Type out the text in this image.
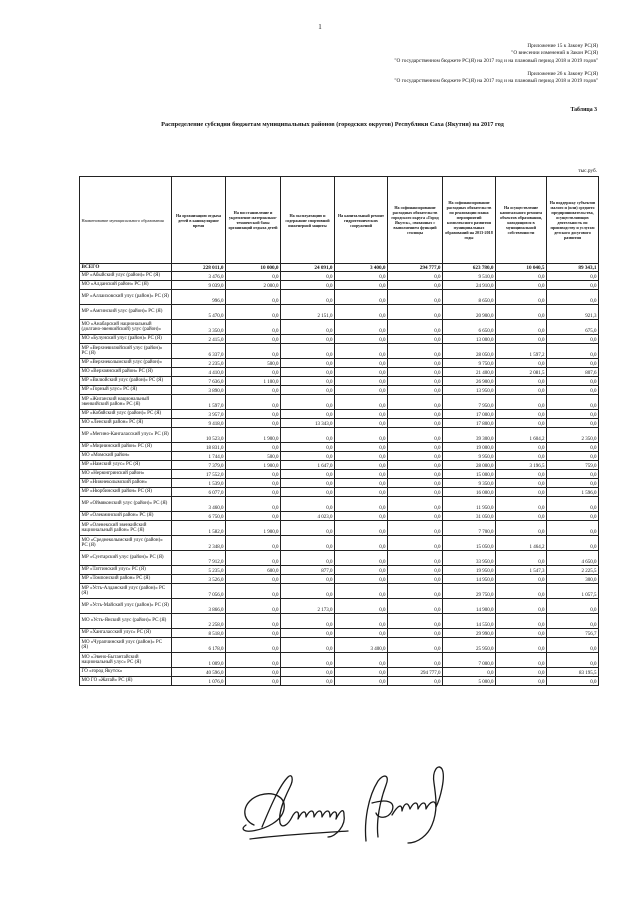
1
Приложение 15 к Закону РС(Я)
"О внесении изменений в Закон РС(Я)
"О государственном бюджете РС(Я) на 2017 год и на плановый период 2018 и 2019 годов"
Приложение 26 к Закону РС(Я)
"О государственном бюджете РС(Я) на 2017 год и на плановый период 2018 и 2019 годов"
Таблица 3
Распределение субсидии бюджетам муниципальных районов (городских округов) Республики Саха (Якутия) на 2017 год
тыс.руб.
Наименование муниципального образования	На организацию отдыха детей в каникулярное время	На восстановление и укрепление материально-технической базы организаций отдыха детей	На эксплуатацию и содержание спортивной инженерной защиты	На капитальный ремонт гидротехнических сооружений	На софинансирование расходных обязательств городского округа «Город Якутск», связанных с выполнением функций столицы	На софинансирование расходных обязательств по реализации плана мероприятий комплексного развития муниципальных образований на 2013-2018 годы	На осуществление капитального ремонта объектов образования, находящихся в муниципальной собственности	На поддержку субъектов малого и (или) среднего предпринимательства, осуществляющих деятельность по производству и услугам детского досугового развития
ВСЕГО	228 011,0	10 000,0	24 091,0	3 400,0	294 777,0	623 780,0	10 040,5	89 343,1
МР «Абыйский улус (район)» РС (Я)	3 476,0	0,0	0,0	0,0	0,0	9 510,0	0,0	0,0
МО «Алданский район» РС (Я)	9 039,0	2 000,0	0,0	0,0	0,0	24 910,0	0,0	0,0
МР «Аллаиховский улус (район)» РС (Я)	996,0	0,0	0,0	0,0	0,0	8 650,0	0,0	0,0
МР «Амгинский улус (район)» РС (Я)	5 470,0	0,0	2 151,0	0,0	0,0	20 900,0	0,0	921,3
МО «Анабарский национальный (долгано-эвенкийский) улус (район)»	3 350,0	0,0	0,0	0,0	0,0	6 650,0	0,0	675,0
МО «Булунский улус (район)» РС (Я)	2 415,0	0,0	0,0	0,0	0,0	13 000,0	0,0	0,0
МР «Верхневилюйский улус (район)» РС (Я)	6 337,0	0,0	0,0	0,0	0,0	28 050,0	1 597,2	0,0
МР «Верхнеколымский улус (район)»	2 235,0	500,0	0,0	0,0	0,0	9 750,0	0,0	0,0
МО «Верхоянский район» РС (Я)	4 410,0	0,0	0,0	0,0	0,0	21 400,0	2 081,5	807,6
МР «Вилюйский улус (район)» РС (Я)	7 636,0	1 100,0	0,0	0,0	0,0	26 900,0	0,0	0,0
МР «Горный улус» РС (Я)	3 890,0	0,0	0,0	0,0	0,0	13 950,0	0,0	0,0
МР «Жиганский национальный эвенкийский район» РС (Я)	1 597,0	0,0	0,0	0,0	0,0	7 950,0	0,0	0,0
МР «Кобяйский улус (район)» РС (Я)	3 957,0	0,0	0,0	0,0	0,0	17 000,0	0,0	0,0
МО «Ленский район» РС (Я)	9 418,0	0,0	13 343,0	0,0	0,0	17 800,0	0,0	0,0
МР «Мегино-Кангаласский улус» РС (Я)	10 523,0	1 900,0	0,0	0,0	0,0	39 300,0	1 604,2	2 350,0
МР «Мирнинский район» РС (Я)	18 831,0	0,0	0,0	0,0	0,0	19 000,0	0,0	0,0
МО «Момский район»	1 744,0	500,0	0,0	0,0	0,0	9 950,0	0,0	0,0
МР «Намский улус» РС (Я)	7 379,0	1 900,0	1 647,0	0,0	0,0	28 000,0	3 196,5	759,0
МО «Нерюнгринский район»	17 552,0	0,0	0,0	0,0	0,0	15 000,0	0,0	0,0
МР «Нижнеколымский район»	1 539,0	0,0	0,0	0,0	0,0	9 350,0	0,0	0,0
МР «Нюрбинский район» РС (Я)	6 077,0	0,0	0,0	0,0	0,0	16 000,0	0,0	1 596,0
МР «Оймяконский улус (район)» РС (Я)	3 460,0	0,0	0,0	0,0	0,0	11 950,0	0,0	0,0
МР «Олекминский район» РС (Я)	6 750,0	0,0	4 023,0	0,0	0,0	31 050,0	0,0	0,0
МР «Оленекский эвенкийский национальный район» РС (Я)	1 582,0	1 900,0	0,0	0,0	0,0	7 700,0	0,0	0,0
МО «Среднеколымский улус (район)» РС (Я)	2 348,0	0,0	0,0	0,0	0,0	15 050,0	1 464,2	0,0
МР «Сунтарский улус (район)» РС (Я)	7 912,0	0,0	0,0	0,0	0,0	33 950,0	0,0	4 650,0
МР «Таттинский улус» РС (Я)	5 235,0	600,0	877,0	0,0	0,0	19 950,0	1 547,3	2 225,5
МР «Томпонский район» РС (Я)	3 526,0	0,0	0,0	0,0	0,0	14 950,0	0,0	300,0
МР «Усть-Алданский улус (район)» РС (Я)	7 056,0	0,0	0,0	0,0	0,0	29 750,0	0,0	1 057,5
МР «Усть-Майский улус (район)» РС (Я)	3 866,0	0,0	2 173,0	0,0	0,0	14 900,0	0,0	0,0
МО «Усть-Янский улус (район)» РС (Я)	2 258,0	0,0	0,0	0,0	0,0	14 550,0	0,0	0,0
МР «Хангаласский улус» РС (Я)	8 518,0	0,0	0,0	0,0	0,0	29 990,0	0,0	756,7
МО «Чурапчинский улус (район)» РС (Я)	6 178,0	0,0	0,0	3 400,0	0,0	25 950,0	0,0	0,0
МО «Эвено-Бытантайский национальный улус» РС (Я)	1 009,0	0,0	0,0	0,0	0,0	7 000,0	0,0	0,0
ГО «город Якутск»	40 596,0	0,0	0,0	0,0	294 777,0	0,0	0,0	83 195,5
МО ГО «Жатай» РС (Я)	1 076,0	0,0	0,0	0,0	0,0	5 000,0	0,0	0,0
